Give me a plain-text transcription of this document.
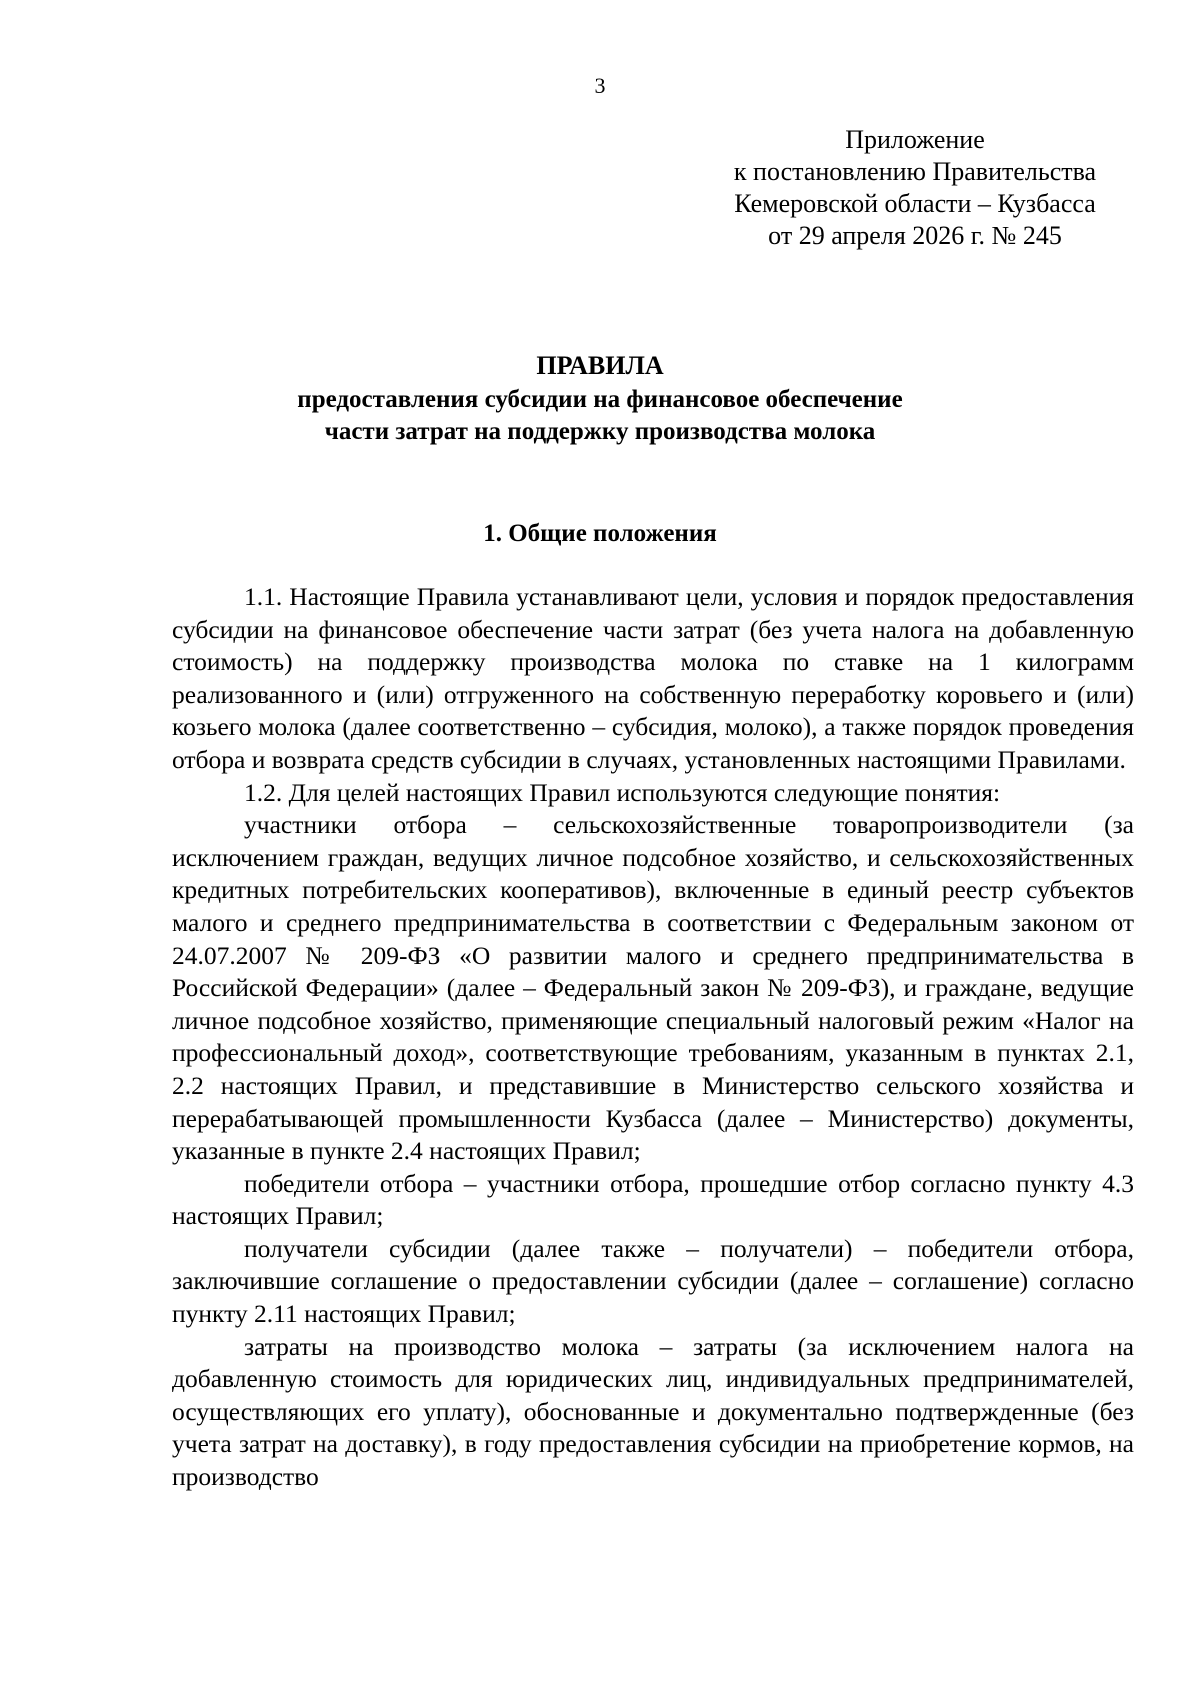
3
Приложение
к постановлению Правительства
Кемеровской области – Кузбасса
от 29 апреля 2026 г. № 245
ПРАВИЛА
предоставления субсидии на финансовое обеспечение
части затрат на поддержку производства молока
1. Общие положения

1.1. Настоящие Правила устанавливают цели, условия и порядок предоставления субсидии на финансовое обеспечение части затрат (без учета налога на добавленную стоимость) на поддержку производства молока по ставке на 1 килограмм реализованного и (или) отгруженного на собственную переработку коровьего и (или) козьего молока (далее соответственно – субсидия, молоко), а также порядок проведения отбора и возврата средств субсидии в случаях, установленных настоящими Правилами.

1.2. Для целей настоящих Правил используются следующие понятия:

участники отбора – сельскохозяйственные товаропроизводители (за исключением граждан, ведущих личное подсобное хозяйство, и сельскохозяйственных кредитных потребительских кооперативов), включенные в единый реестр субъектов малого и среднего предпринимательства в соответствии с Федеральным законом от 24.07.2007 № 209-ФЗ «О развитии малого и среднего предпринимательства в Российской Федерации» (далее – Федеральный закон № 209-ФЗ), и граждане, ведущие личное подсобное хозяйство, применяющие специальный налоговый режим «Налог на профессиональный доход», соответствующие требованиям, указанным в пунктах 2.1, 2.2 настоящих Правил, и представившие в Министерство сельского хозяйства и перерабатывающей промышленности Кузбасса (далее – Министерство) документы, указанные в пункте 2.4 настоящих Правил;

победители отбора – участники отбора, прошедшие отбор согласно пункту 4.3 настоящих Правил;

получатели субсидии (далее также – получатели) – победители отбора, заключившие соглашение о предоставлении субсидии (далее – соглашение) согласно пункту 2.11 настоящих Правил;

затраты на производство молока – затраты (за исключением налога на добавленную стоимость для юридических лиц, индивидуальных предпринимателей, осуществляющих его уплату), обоснованные и документально подтвержденные (без учета затрат на доставку), в году предоставления субсидии на приобретение кормов, на производство
